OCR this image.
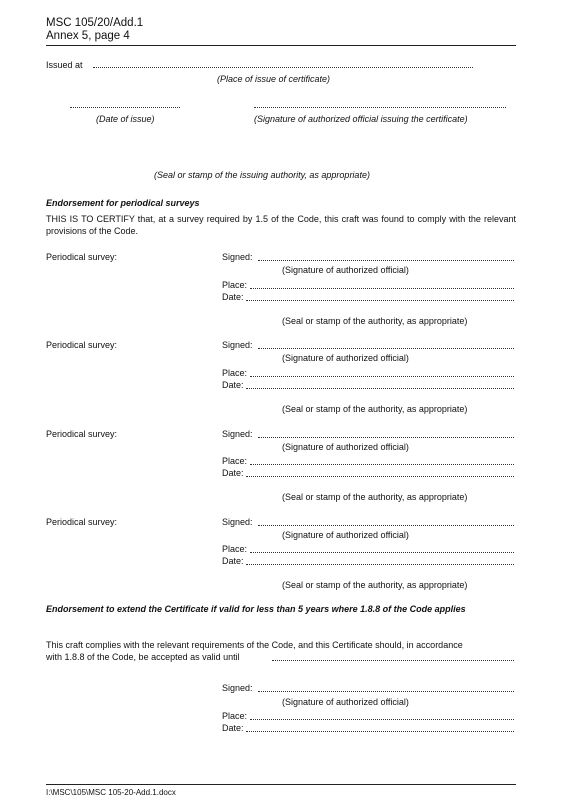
MSC 105/20/Add.1
Annex 5, page 4
Issued at
(Place of issue of certificate)
(Date of issue)	(Signature of authorized official issuing the certificate)
(Seal or stamp of the issuing authority, as appropriate)
Endorsement for periodical surveys
THIS IS TO CERTIFY that, at a survey required by 1.5 of the Code, this craft was found to comply with the relevant provisions of the Code.
Periodical survey:	Signed:
(Signature of authorized official)
Place:
Date:
(Seal or stamp of the authority, as appropriate)
Periodical survey:	Signed:
(Signature of authorized official)
Place:
Date:
(Seal or stamp of the authority, as appropriate)
Periodical survey:	Signed:
(Signature of authorized official)
Place:
Date:
(Seal or stamp of the authority, as appropriate)
Periodical survey:	Signed:
(Signature of authorized official)
Place:
Date:
(Seal or stamp of the authority, as appropriate)
Endorsement to extend the Certificate if valid for less than 5 years where 1.8.8 of the Code applies
This craft complies with the relevant requirements of the Code, and this Certificate should, in accordance
with 1.8.8 of the Code, be accepted as valid until
Signed:
(Signature of authorized official)
Place:
Date:
I:\MSC\105\MSC 105-20-Add.1.docx
